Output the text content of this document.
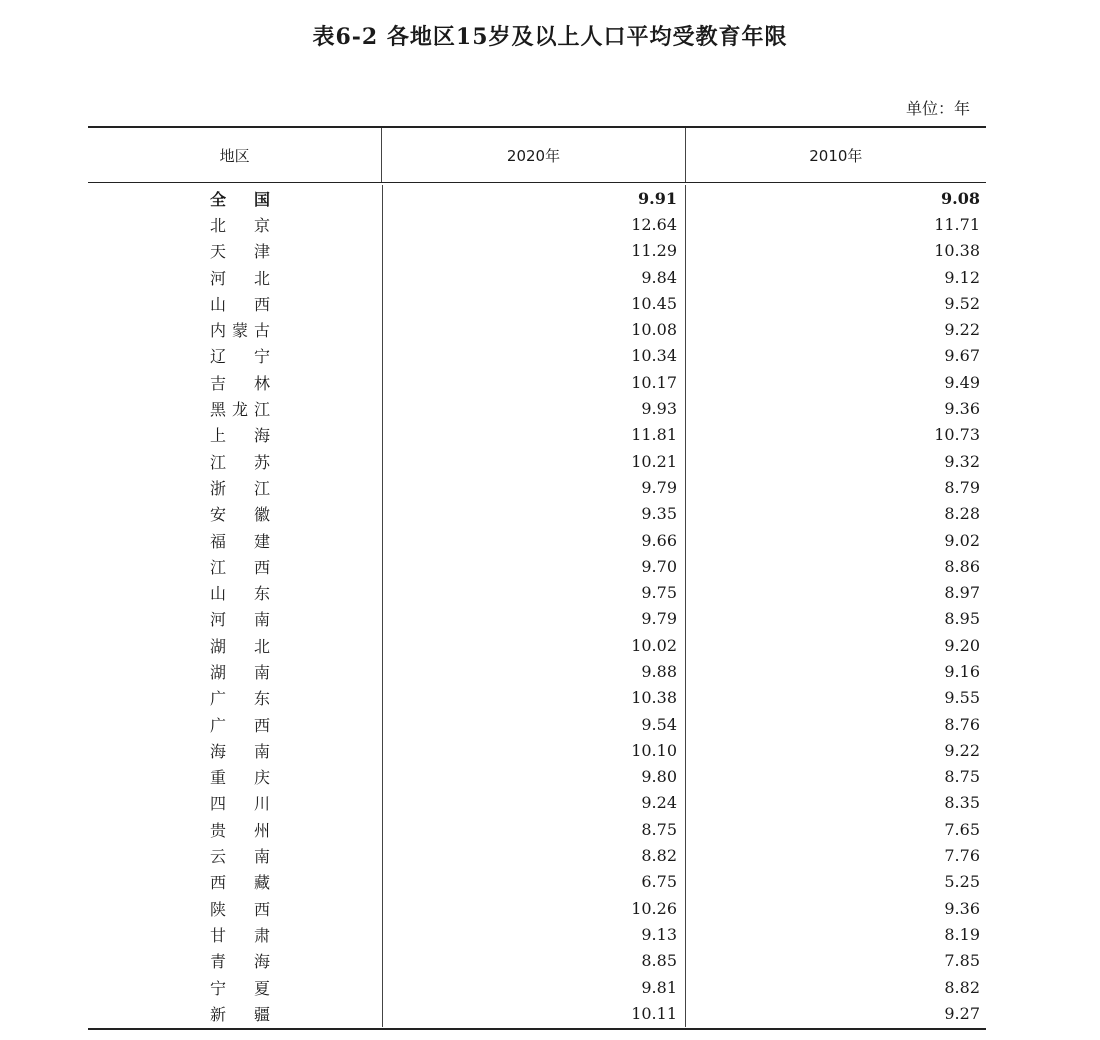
表6-2 各地区15岁及以上人口平均受教育年限
单位：年
地区	2020年	2010年
全　国	9.91	9.08
北　京	12.64	11.71
天　津	11.29	10.38
河　北	9.84	9.12
山　西	10.45	9.52
内蒙古	10.08	9.22
辽　宁	10.34	9.67
吉　林	10.17	9.49
黑龙江	9.93	9.36
上　海	11.81	10.73
江　苏	10.21	9.32
浙　江	9.79	8.79
安　徽	9.35	8.28
福　建	9.66	9.02
江　西	9.70	8.86
山　东	9.75	8.97
河　南	9.79	8.95
湖　北	10.02	9.20
湖　南	9.88	9.16
广　东	10.38	9.55
广　西	9.54	8.76
海　南	10.10	9.22
重　庆	9.80	8.75
四　川	9.24	8.35
贵　州	8.75	7.65
云　南	8.82	7.76
西　藏	6.75	5.25
陕　西	10.26	9.36
甘　肃	9.13	8.19
青　海	8.85	7.85
宁　夏	9.81	8.82
新　疆	10.11	9.27
